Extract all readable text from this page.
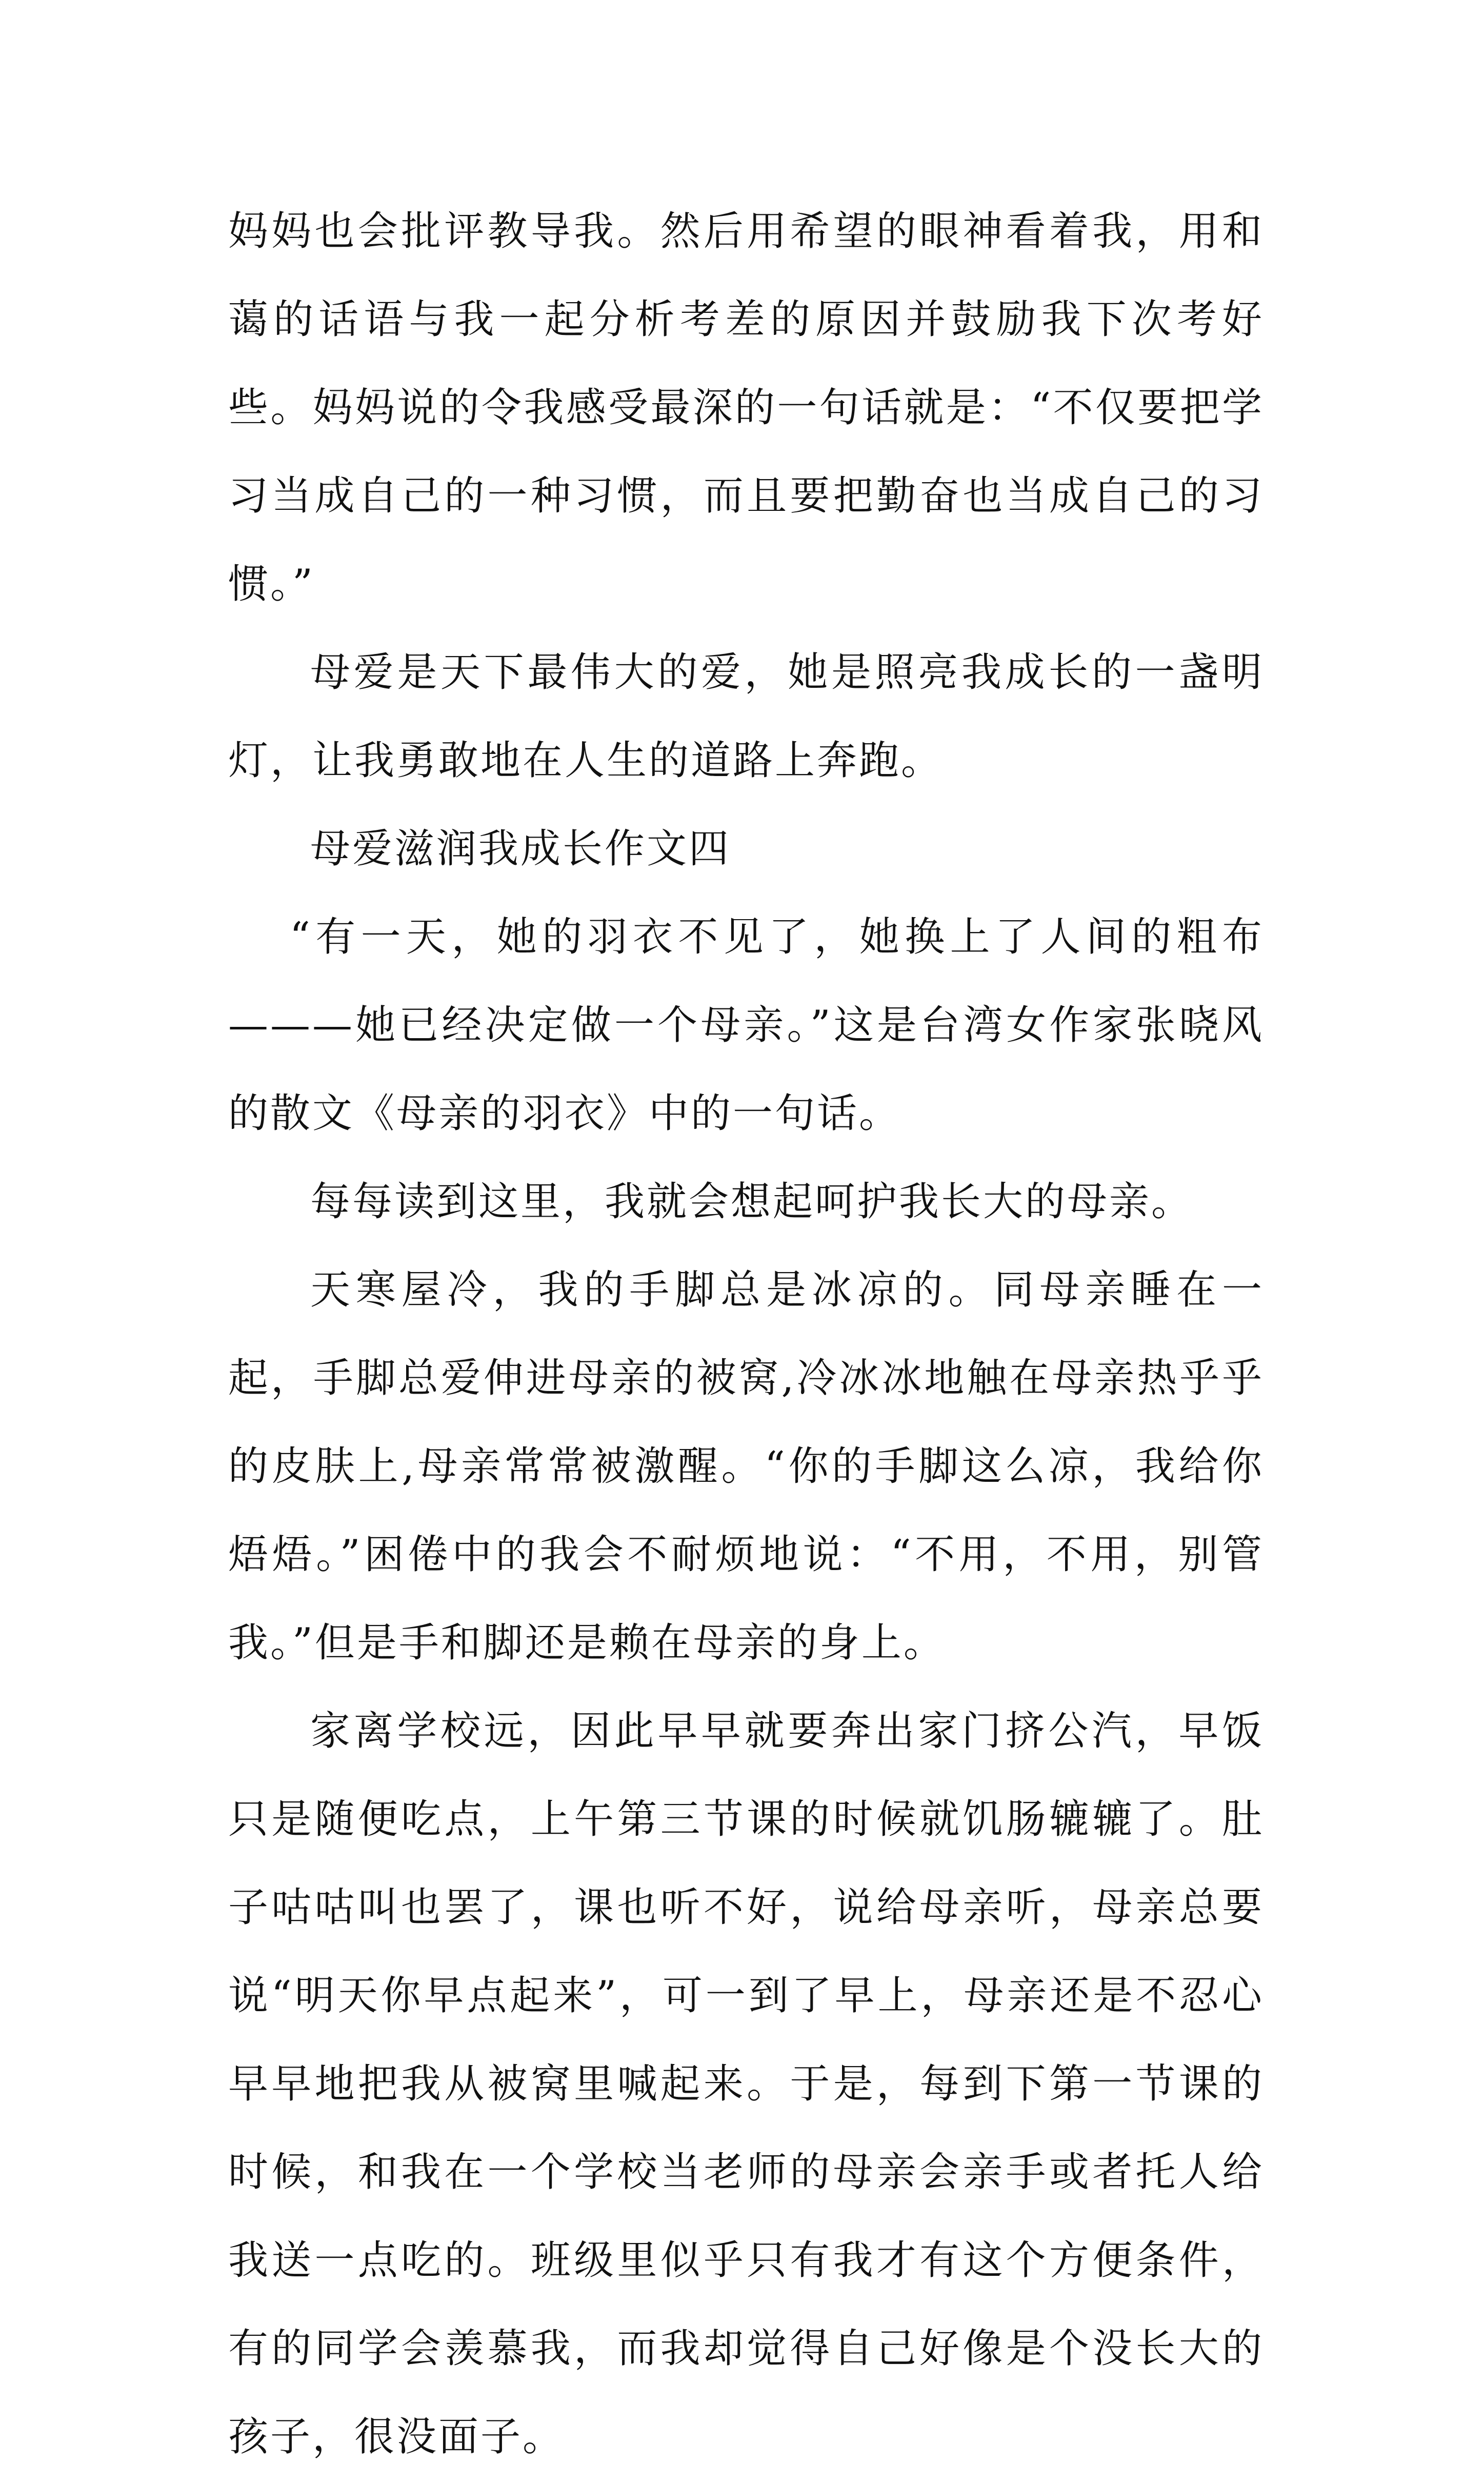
妈妈也会批评教导我。然后用希望的眼神看着我，用和蔼的话语与我一起分析考差的原因并鼓励我下次考好些。妈妈说的令我感受最深的一句话就是：“不仅要把学习当成自己的一种习惯，而且要把勤奋也当成自己的习惯。”

母爱是天下最伟大的爱，她是照亮我成长的一盏明灯，让我勇敢地在人生的道路上奔跑。

母爱滋润我成长作文四

“有一天，她的羽衣不见了，她换上了人间的粗布———她已经决定做一个母亲。”这是台湾女作家张晓风的散文《母亲的羽衣》中的一句话。

每每读到这里，我就会想起呵护我长大的母亲。

天寒屋冷，我的手脚总是冰凉的。同母亲睡在一起，手脚总爱伸进母亲的被窝,冷冰冰地触在母亲热乎乎的皮肤上,母亲常常被激醒。“你的手脚这么凉，我给你焐焐。”困倦中的我会不耐烦地说：“不用，不用，别管我。”但是手和脚还是赖在母亲的身上。

家离学校远，因此早早就要奔出家门挤公汽，早饭只是随便吃点，上午第三节课的时候就饥肠辘辘了。肚子咕咕叫也罢了，课也听不好，说给母亲听，母亲总要说“明天你早点起来”，可一到了早上，母亲还是不忍心早早地把我从被窝里喊起来。于是，每到下第一节课的时候，和我在一个学校当老师的母亲会亲手或者托人给我送一点吃的。班级里似乎只有我才有这个方便条件，有的同学会羡慕我，而我却觉得自己好像是个没长大的孩子，很没面子。
